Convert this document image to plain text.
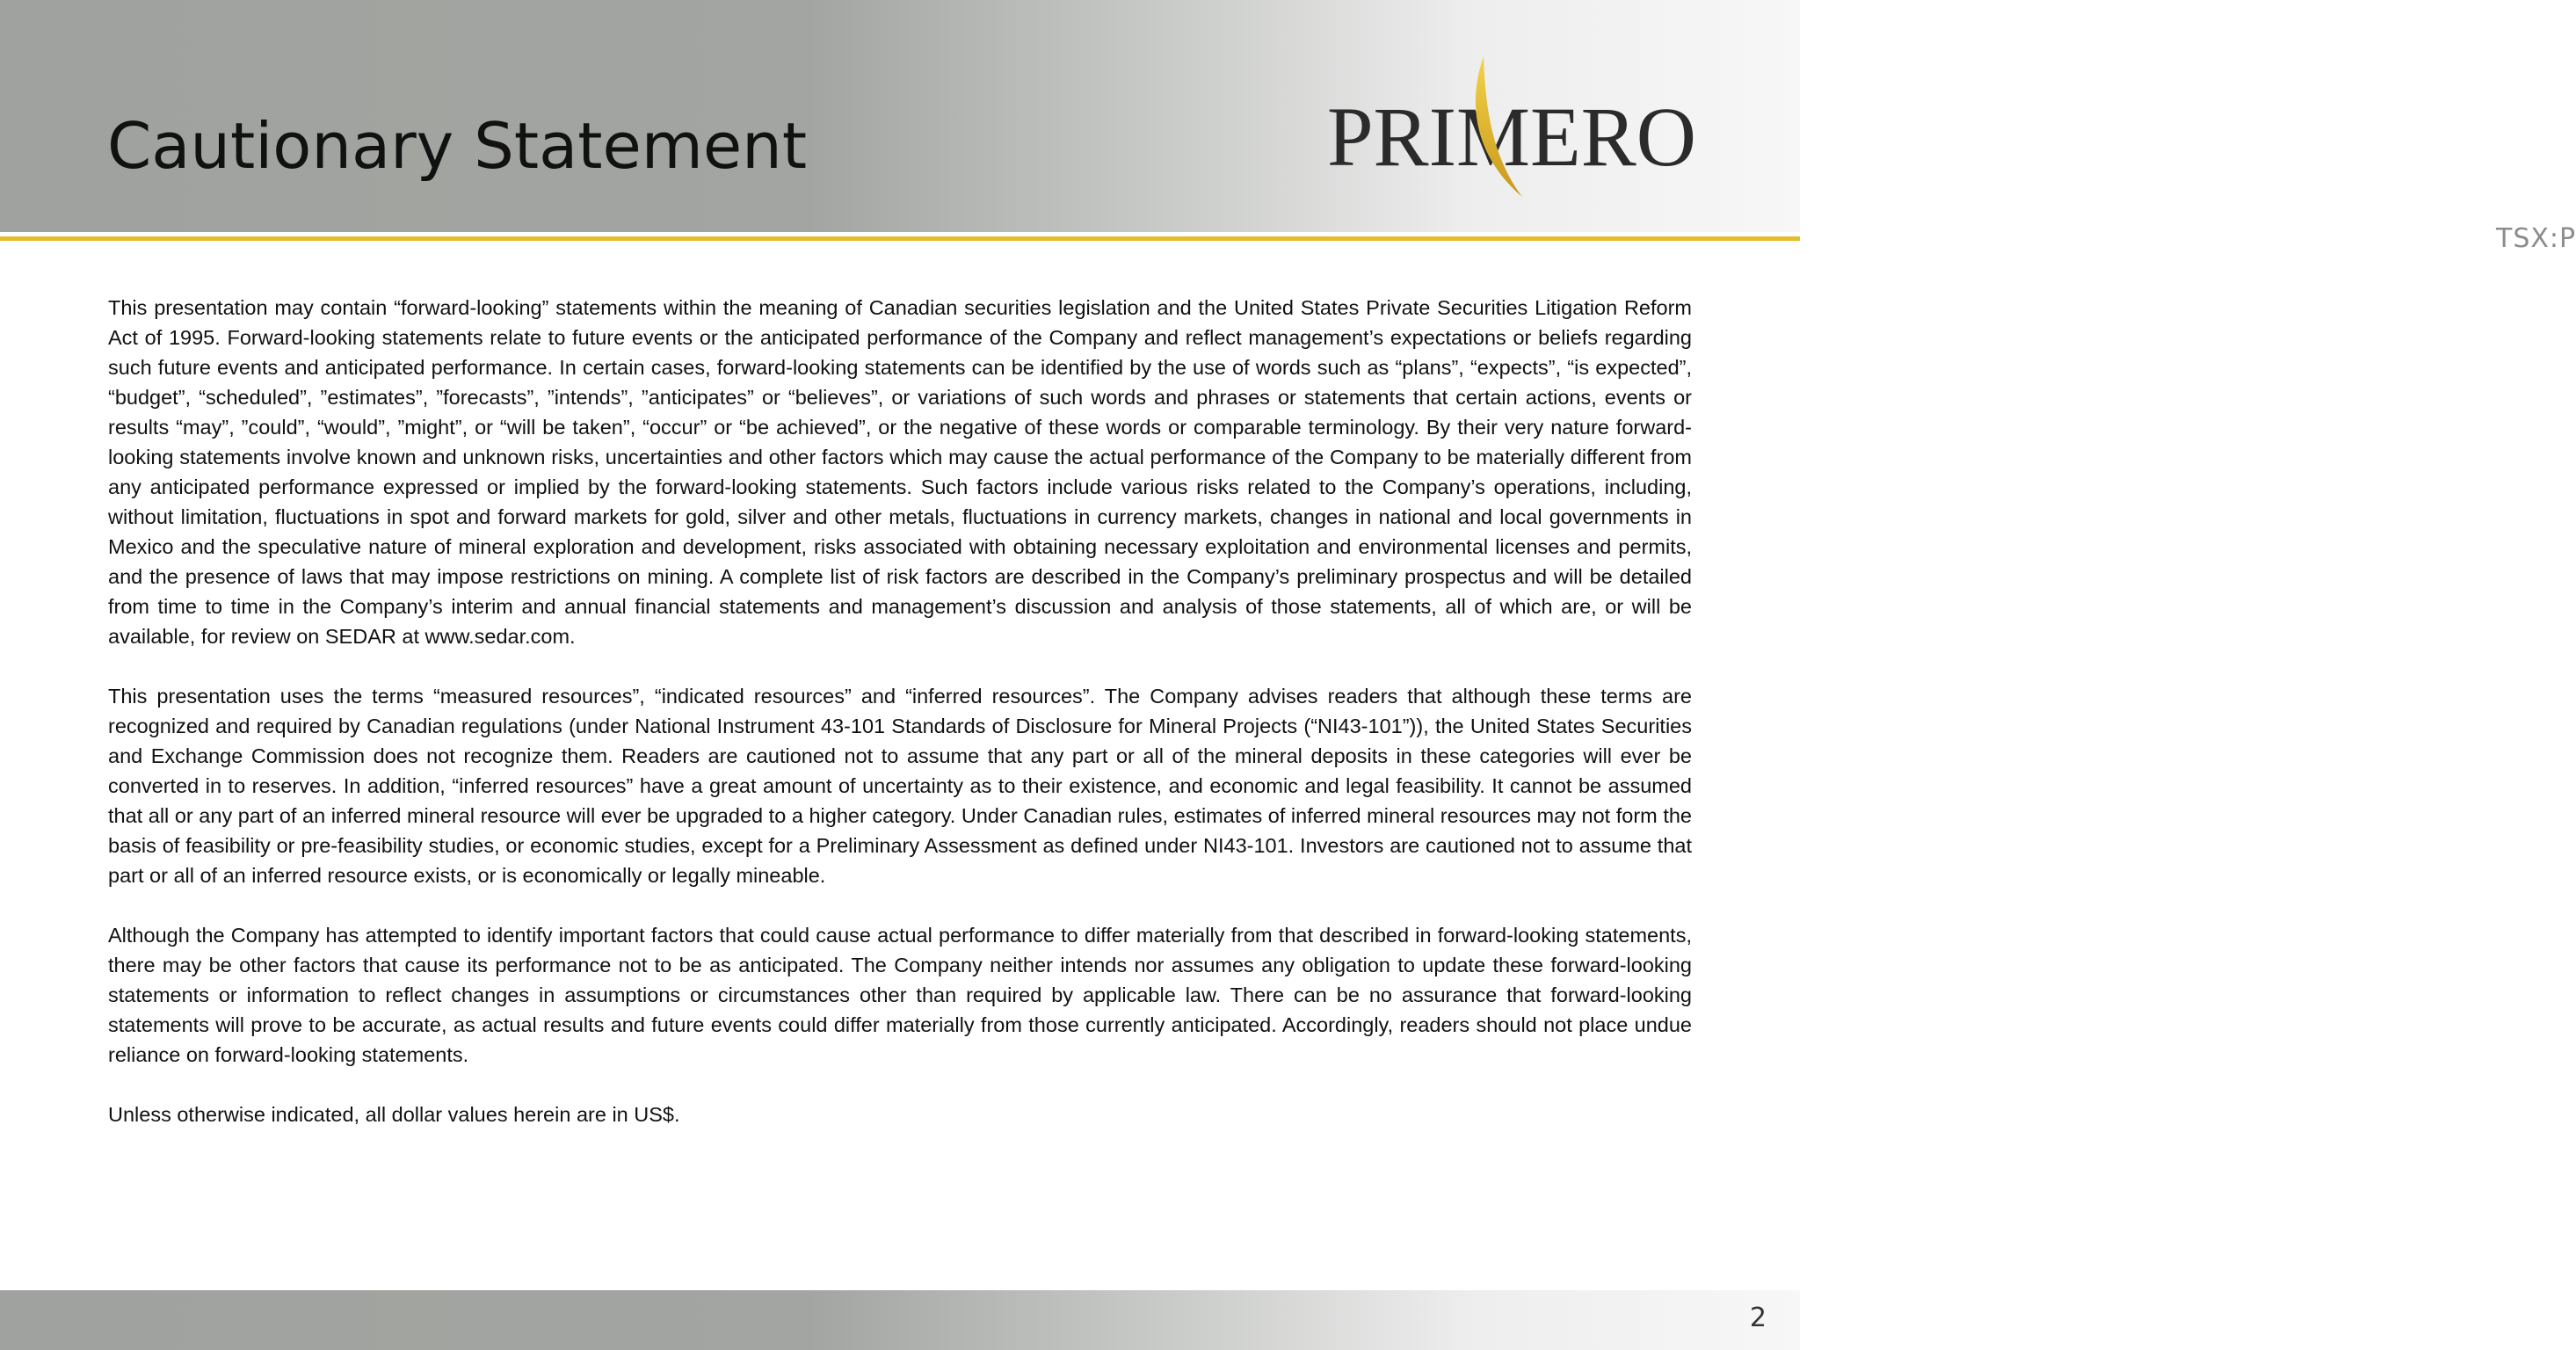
Cautionary Statement	PRIMERO
TSX:P

This presentation may contain “forward-looking” statements within the meaning of Canadian securities legislation and the United States Private Securities Litigation Reform Act of 1995. Forward-looking statements relate to future events or the anticipated performance of the Company and reflect management’s expectations or beliefs regarding such future events and anticipated performance. In certain cases, forward-looking statements can be identified by the use of words such as “plans”, “expects”, “is expected”, “budget”, “scheduled”, ”estimates”, ”forecasts”, ”intends”, ”anticipates” or “believes”, or variations of such words and phrases or statements that certain actions, events or results “may”, ”could”, “would”, ”might”, or “will be taken”, “occur” or “be achieved”, or the negative of these words or comparable terminology. By their very nature forward-looking statements involve known and unknown risks, uncertainties and other factors which may cause the actual performance of the Company to be materially different from any anticipated performance expressed or implied by the forward-looking statements. Such factors include various risks related to the Company’s operations, including, without limitation, fluctuations in spot and forward markets for gold, silver and other metals, fluctuations in currency markets, changes in national and local governments in Mexico and the speculative nature of mineral exploration and development, risks associated with obtaining necessary exploitation and environmental licenses and permits, and the presence of laws that may impose restrictions on mining. A complete list of risk factors are described in the Company’s preliminary prospectus and will be detailed from time to time in the Company’s interim and annual financial statements and management’s discussion and analysis of those statements, all of which are, or will be available, for review on SEDAR at www.sedar.com.

This presentation uses the terms “measured resources”, “indicated resources” and “inferred resources”. The Company advises readers that although these terms are recognized and required by Canadian regulations (under National Instrument 43-101 Standards of Disclosure for Mineral Projects (“NI43-101”)), the United States Securities and Exchange Commission does not recognize them. Readers are cautioned not to assume that any part or all of the mineral deposits in these categories will ever be converted in to reserves. In addition, “inferred resources” have a great amount of uncertainty as to their existence, and economic and legal feasibility. It cannot be assumed that all or any part of an inferred mineral resource will ever be upgraded to a higher category. Under Canadian rules, estimates of inferred mineral resources may not form the basis of feasibility or pre-feasibility studies, or economic studies, except for a Preliminary Assessment as defined under NI43-101. Investors are cautioned not to assume that part or all of an inferred resource exists, or is economically or legally mineable.

Although the Company has attempted to identify important factors that could cause actual performance to differ materially from that described in forward-looking statements, there may be other factors that cause its performance not to be as anticipated. The Company neither intends nor assumes any obligation to update these forward-looking statements or information to reflect changes in assumptions or circumstances other than required by applicable law. There can be no assurance that forward-looking statements will prove to be accurate, as actual results and future events could differ materially from those currently anticipated. Accordingly, readers should not place undue reliance on forward-looking statements.

Unless otherwise indicated, all dollar values herein are in US$.

2
